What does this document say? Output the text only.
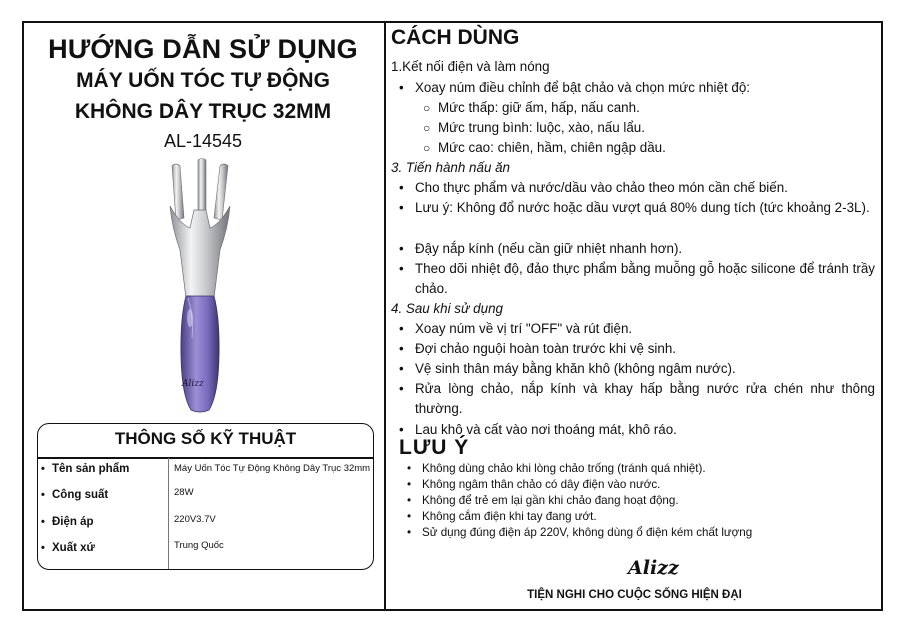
HƯỚNG DẪN SỬ DỤNG
MÁY UỐN TÓC TỰ ĐỘNG
KHÔNG DÂY TRỤC 32MM
AL-14545
Alizz
THÔNG SỐ KỸ THUẬT
• Tên sản phẩm	Máy Uốn Tóc Tự Động Không Dây Trục 32mm
• Công suất	28W
• Điện áp	220V3.7V
• Xuất xứ	Trung Quốc
CÁCH DÙNG
1.Kết nối điện và làm nóng
• Xoay núm điều chỉnh để bật chảo và chọn mức nhiệt độ:
○ Mức thấp: giữ ấm, hấp, nấu canh.
○ Mức trung bình: luộc, xào, nấu lẩu.
○ Mức cao: chiên, hầm, chiên ngập dầu.
3. Tiến hành nấu ăn
• Cho thực phẩm và nước/dầu vào chảo theo món cần chế biến.
• Lưu ý: Không đổ nước hoặc dầu vượt quá 80% dung tích (tức khoảng 2-3L).
• Đậy nắp kính (nếu cần giữ nhiệt nhanh hơn).
• Theo dõi nhiệt độ, đảo thực phẩm bằng muỗng gỗ hoặc silicone để tránh trầy chảo.
4. Sau khi sử dụng
• Xoay núm về vị trí "OFF" và rút điện.
• Đợi chảo nguội hoàn toàn trước khi vệ sinh.
• Vệ sinh thân máy bằng khăn khô (không ngâm nước).
• Rửa lòng chảo, nắp kính và khay hấp bằng nước rửa chén như thông thường.
• Lau khô và cất vào nơi thoáng mát, khô ráo.
LƯU Ý
• Không dùng chảo khi lòng chảo trống (tránh quá nhiệt).
• Không ngâm thân chảo có dây điện vào nước.
• Không để trẻ em lại gần khi chảo đang hoạt động.
• Không cắm điện khi tay đang ướt.
• Sử dụng đúng điện áp 220V, không dùng ổ điện kém chất lượng
Alizz
TIỆN NGHI CHO CUỘC SỐNG HIỆN ĐẠI
